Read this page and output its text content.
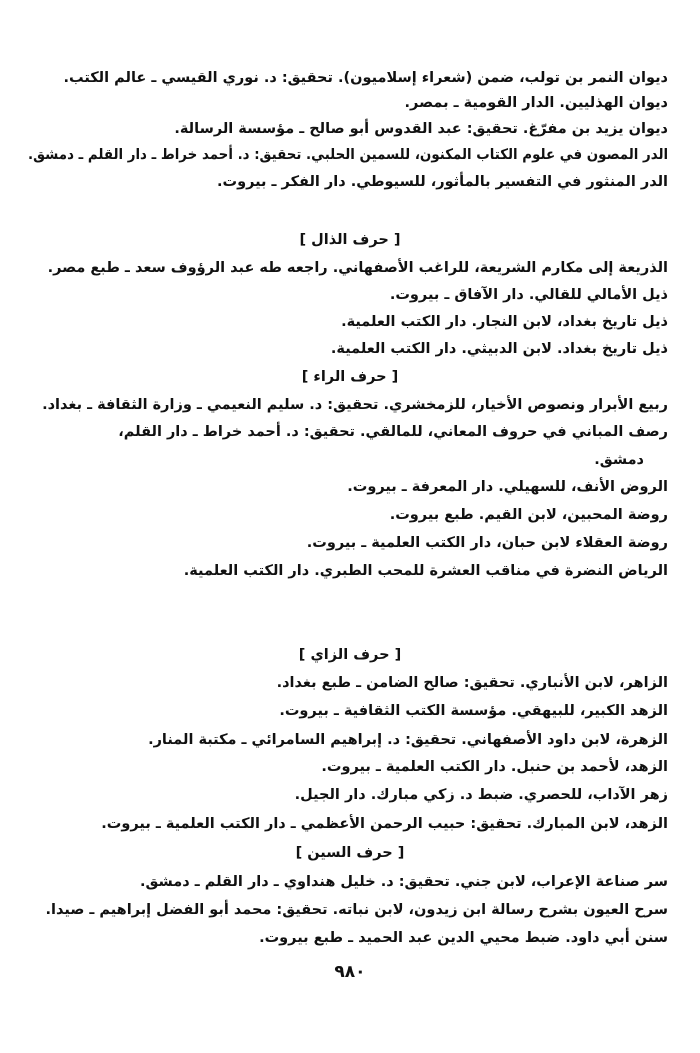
ديوان النمر بن تولب، ضمن (شعراء إسلاميون). تحقيق: د. نوري القيسي ـ عالم الكتب.
ديوان الهذليين. الدار القومية ـ بمصر.
ديوان يزيد بن مفرّغ. تحقيق: عبد القدوس أبو صالح ـ مؤسسة الرسالة.
الدر المصون في علوم الكتاب المكنون، للسمين الحلبي. تحقيق: د. أحمد خراط ـ دار القلم ـ دمشق.
الدر المنثور في التفسير بالمأثور، للسيوطي. دار الفكر ـ بيروت.
[ حرف الذال ]
الذريعة إلى مكارم الشريعة، للراغب الأصفهاني. راجعه طه عبد الرؤوف سعد ـ طبع مصر.
ذيل الأمالي للقالي. دار الآفاق ـ بيروت.
ذيل تاريخ بغداد، لابن النجار. دار الكتب العلمية.
ذيل تاريخ بغداد. لابن الدبيثي. دار الكتب العلمية.
[ حرف الراء ]
ربيع الأبرار ونصوص الأخيار، للزمخشري. تحقيق: د. سليم النعيمي ـ وزارة الثقافة ـ بغداد.
رصف المباني في حروف المعاني، للمالقي. تحقيق: د. أحمد خراط ـ دار القلم،
دمشق.
الروض الأنف، للسهيلي. دار المعرفة ـ بيروت.
روضة المحبين، لابن القيم. طبع بيروت.
روضة العقلاء لابن حبان، دار الكتب العلمية ـ بيروت.
الرياض النضرة في مناقب العشرة للمحب الطبري. دار الكتب العلمية.
[ حرف الزاي ]
الزاهر، لابن الأنباري. تحقيق: صالح الضامن ـ طبع بغداد.
الزهد الكبير، للبيهقي. مؤسسة الكتب الثقافية ـ بيروت.
الزهرة، لابن داود الأصفهاني. تحقيق: د. إبراهيم السامرائي ـ مكتبة المنار.
الزهد، لأحمد بن حنبل. دار الكتب العلمية ـ بيروت.
زهر الآداب، للحصري. ضبط د. زكي مبارك. دار الجيل.
الزهد، لابن المبارك. تحقيق: حبيب الرحمن الأعظمي ـ دار الكتب العلمية ـ بيروت.
[ حرف السين ]
سر صناعة الإعراب، لابن جني. تحقيق: د. خليل هنداوي ـ دار القلم ـ دمشق.
سرح العيون بشرح رسالة ابن زيدون، لابن نباته. تحقيق: محمد أبو الفضل إبراهيم ـ صيدا.
سنن أبي داود. ضبط محيي الدين عبد الحميد ـ طبع بيروت.
٩٨٠
